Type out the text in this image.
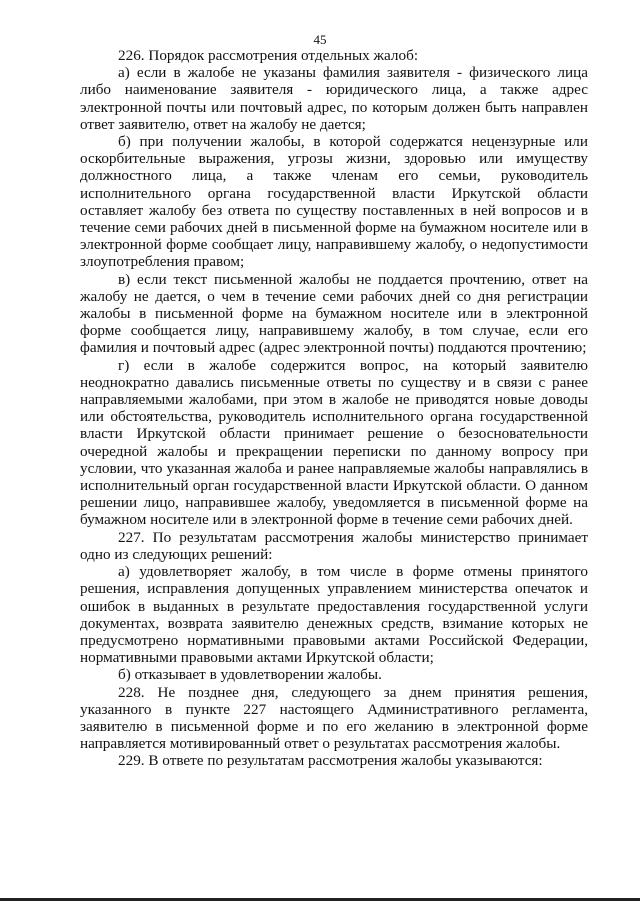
45

226. Порядок рассмотрения отдельных жалоб:

а) если в жалобе не указаны фамилия заявителя - физического лица либо наименование заявителя - юридического лица, а также адрес электронной почты или почтовый адрес, по которым должен быть направлен ответ заявителю, ответ на жалобу не дается;

б) при получении жалобы, в которой содержатся нецензурные или оскорбительные выражения, угрозы жизни, здоровью или имуществу должностного лица, а также членам его семьи, руководитель исполнительного органа государственной власти Иркутской области оставляет жалобу без ответа по существу поставленных в ней вопросов и в течение семи рабочих дней в письменной форме на бумажном носителе или в электронной форме сообщает лицу, направившему жалобу, о недопустимости злоупотребления правом;

в) если текст письменной жалобы не поддается прочтению, ответ на жалобу не дается, о чем в течение семи рабочих дней со дня регистрации жалобы в письменной форме на бумажном носителе или в электронной форме сообщается лицу, направившему жалобу, в том случае, если его фамилия и почтовый адрес (адрес электронной почты) поддаются прочтению;

г) если в жалобе содержится вопрос, на который заявителю неоднократно давались письменные ответы по существу и в связи с ранее направляемыми жалобами, при этом в жалобе не приводятся новые доводы или обстоятельства, руководитель исполнительного органа государственной власти Иркутской области принимает решение о безосновательности очередной жалобы и прекращении переписки по данному вопросу при условии, что указанная жалоба и ранее направляемые жалобы направлялись в исполнительный орган государственной власти Иркутской области. О данном решении лицо, направившее жалобу, уведомляется в письменной форме на бумажном носителе или в электронной форме в течение семи рабочих дней.

227. По результатам рассмотрения жалобы министерство принимает одно из следующих решений:

а) удовлетворяет жалобу, в том числе в форме отмены принятого решения, исправления допущенных управлением министерства опечаток и ошибок в выданных в результате предоставления государственной услуги документах, возврата заявителю денежных средств, взимание которых не предусмотрено нормативными правовыми актами Российской Федерации, нормативными правовыми актами Иркутской области;

б) отказывает в удовлетворении жалобы.

228. Не позднее дня, следующего за днем принятия решения, указанного в пункте 227 настоящего Административного регламента, заявителю в письменной форме и по его желанию в электронной форме направляется мотивированный ответ о результатах рассмотрения жалобы.

229. В ответе по результатам рассмотрения жалобы указываются:
